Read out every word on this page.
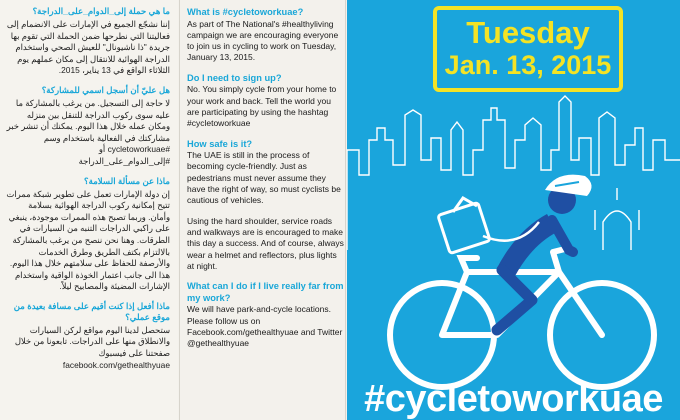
ما هي حملة إلى_الدوام_على_الدراجة؟
إننا نشجّع الجميع في الإمارات على الانضمام إلى فعاليتنا التي نطرحها ضمن الحملة التي تقوم بها جريدة "ذا ناشيونال" للعيش الصحي واستخدام الدراجة الهوائية للانتقال إلى مكان عملهم يوم الثلاثاء الواقع في 13 يناير، 2015.
هل عليّ أن أسجل اسمي للمشاركة؟
لا حاجة إلى التسجيل. من يرغب بالمشاركة ما عليه سوى ركوب الدراجة للتنقل بين منزله ومكان عمله خلال هذا اليوم. يمكنك أن تنشر خبر مشاركتك في الفعالية باستخدام وسم #cycletoworkuae أو #إلى_الدوام_على_الدراجة
ماذا عن مسألة السلامة؟
إن دولة الإمارات تعمل على تطوير شبكة ممرات تتيح إمكانية ركوب الدراجة الهوائية بسلامة وأمان. وربما تصبح هذه الممرات موجودة، ينبغي على راكبي الدراجات التنبه من السيارات في الطرقات. وهنا نحن ننصح من يرغب بالمشاركة بالالتزام بكتف الطريق وطرق الخدمات والأرصفة للحفاظ على سلامتهم خلال هذا اليوم. هذا الى جانب اعتمار الخوذة الواقية واستخدام الإشارات المضيئة والمصابيح ليلاً.
ماذا أفعل إذا كنت أقيم على مسافة بعيدة من موقع عملي؟
ستحصل لدينا اليوم مواقع لركن السيارات والانطلاق منها على الدراجات. تابعونا من خلال صفحتنا على فيسبوك facebook.com/gethealthyuae
What is #cycletoworkuae?
As part of The National's #healthyliving campaign we are encouraging everyone to join us in cycling to work on Tuesday, January 13, 2015.
Do I need to sign up?
No. You simply cycle from your home to your work and back. Tell the world you are participating by using the hashtag #cycletoworkuae
How safe is it?
The UAE is still in the process of becoming cycle-friendly. Just as pedestrians must never assume they have the right of way, so must cyclists be cautious of vehicles.
Using the hard shoulder, service roads and walkways are is encouraged to make this day a success. And of course, always wear a helmet and reflectors, plus lights at night.
What can I do if I live really far from my work?
We will have park-and-cycle locations. Please follow us on Facebook.com/gethealthyuae and Twitter @gethealthyuae
Tuesday
Jan. 13, 2015
#cycletoworkuae
